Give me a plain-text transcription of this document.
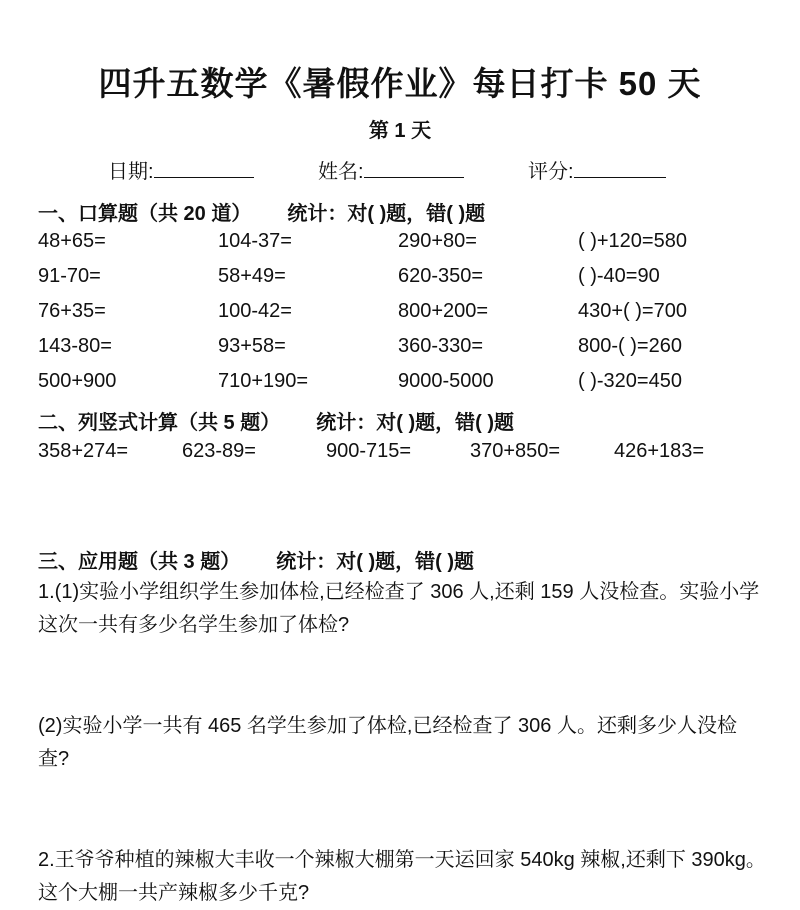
四升五数学《暑假作业》每日打卡 50 天
第 1 天
日期:	姓名:	评分:
一、口算题（共 20 道） 统计：对( )题，错( )题
48+65=	104-37=	290+80=	( )+120=580
91-70=	58+49=	620-350=	( )-40=90
76+35=	100-42=	800+200=	430+( )=700
143-80=	93+58=	360-330=	800-( )=260
500+900	710+190=	9000-5000	( )-320=450
二、列竖式计算（共 5 题） 统计：对( )题，错( )题
358+274=	623-89=	900-715=	370+850=	426+183=
三、应用题（共 3 题） 统计：对( )题，错( )题
1.(1)实验小学组织学生参加体检,已经检查了 306 人,还剩 159 人没检查。实验小学这次一共有多少名学生参加了体检?
(2)实验小学一共有 465 名学生参加了体检,已经检查了 306 人。还剩多少人没检查?
2.王爷爷种植的辣椒大丰收一个辣椒大棚第一天运回家 540kg 辣椒,还剩下 390kg。这个大棚一共产辣椒多少千克?
